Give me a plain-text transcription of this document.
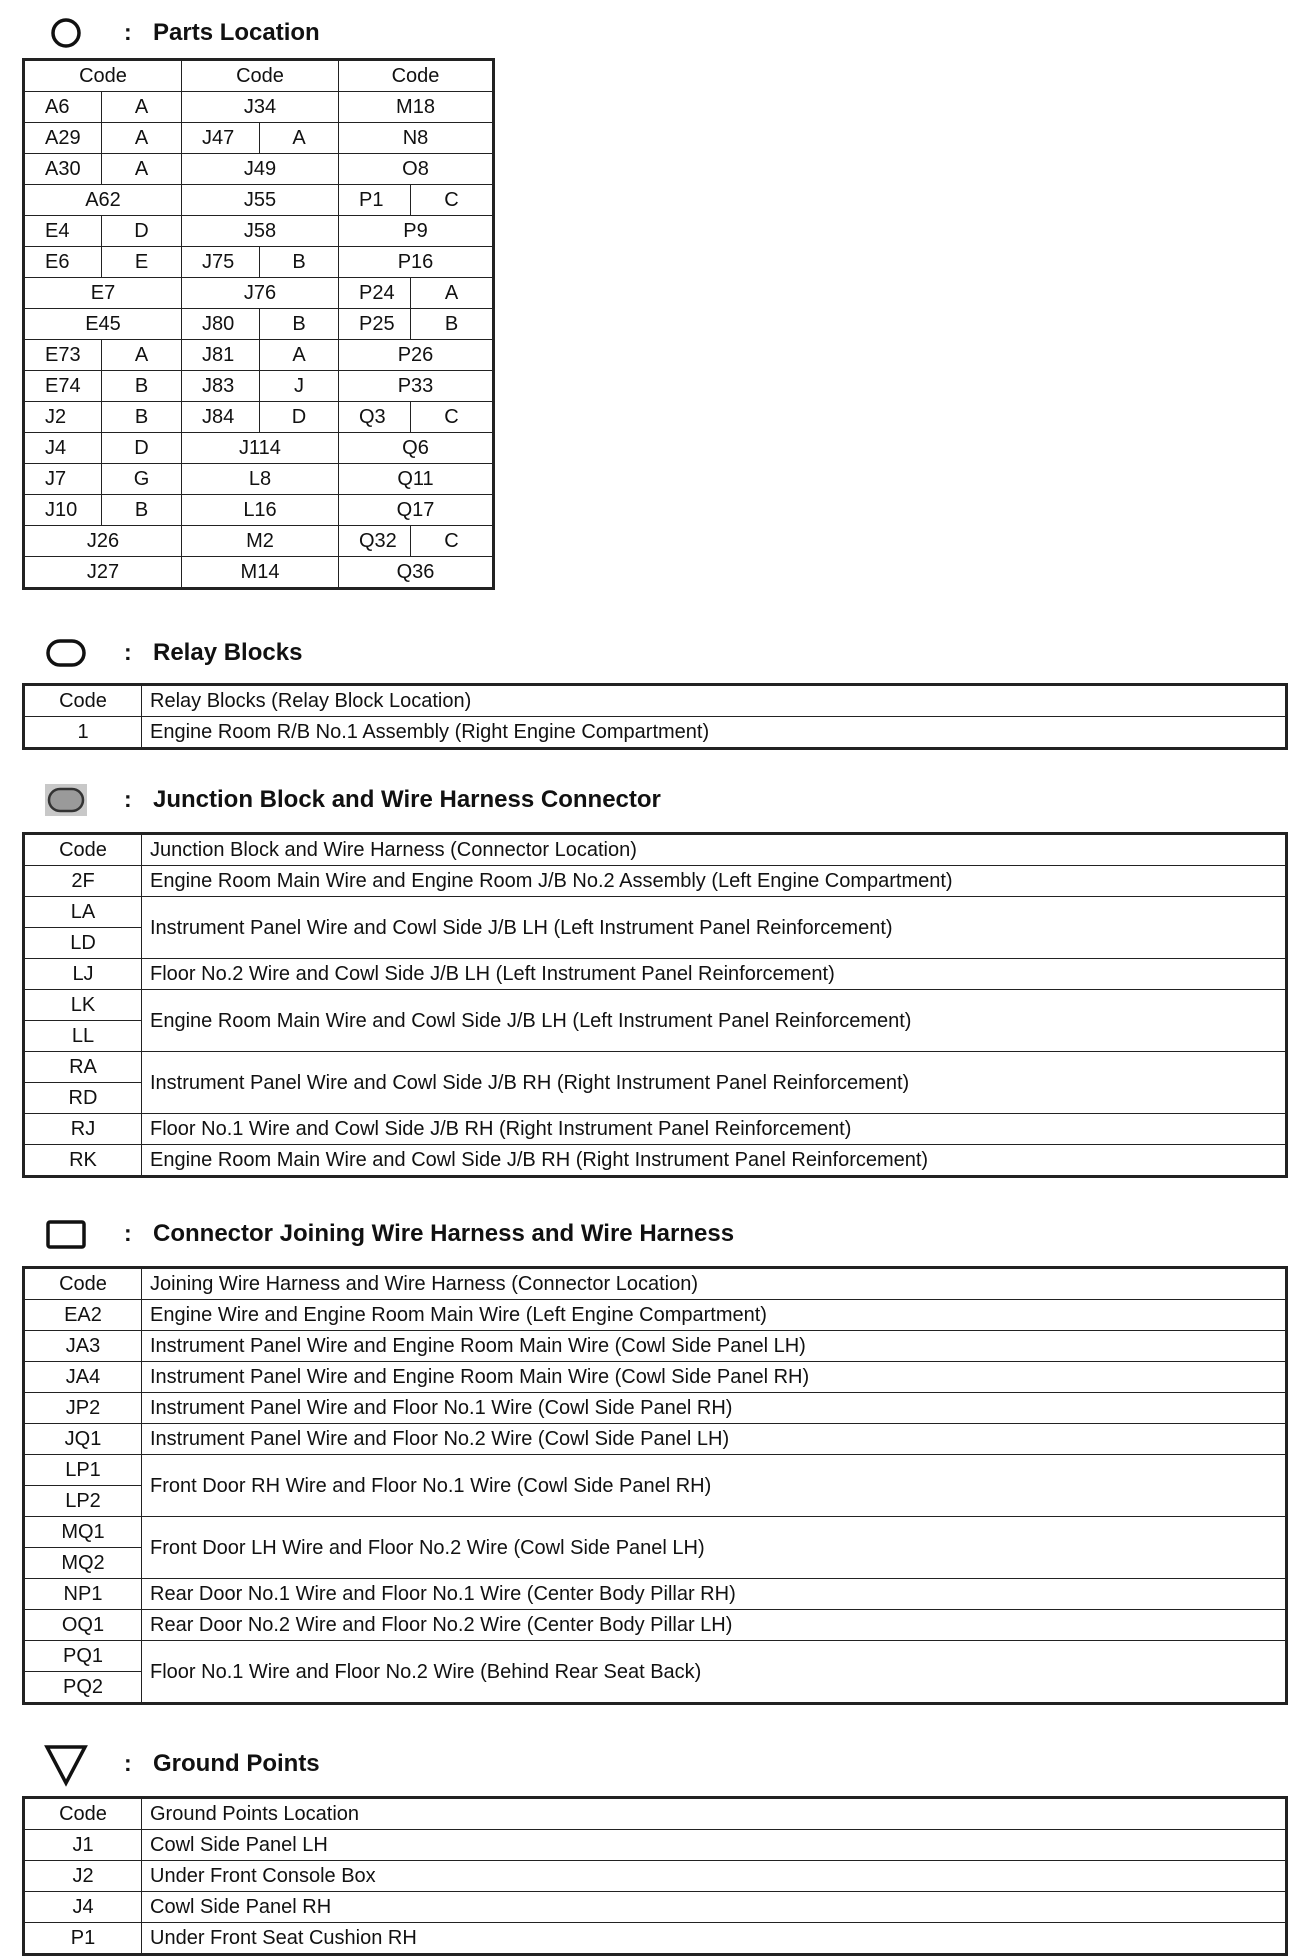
: Parts Location
Code		Code		Code	
A6	A	J34		M18	
A29	A	J47	A	N8	
A30	A	J49		O8	
A62		J55		P1	C
E4	D	J58		P9	
E6	E	J75	B	P16	
E7		J76		P24	A
E45		J80	B	P25	B
E73	A	J81	A	P26	
E74	B	J83	J	P33	
J2	B	J84	D	Q3	C
J4	D	J114		Q6	
J7	G	L8		Q11	
J10	B	L16		Q17	
J26		M2		Q32	C
J27		M14		Q36	
: Relay Blocks
Code	Relay Blocks (Relay Block Location)
1	Engine Room R/B No.1 Assembly (Right Engine Compartment)
: Junction Block and Wire Harness Connector
Code	Junction Block and Wire Harness (Connector Location)
2F	Engine Room Main Wire and Engine Room J/B No.2 Assembly (Left Engine Compartment)
LA	Instrument Panel Wire and Cowl Side J/B LH (Left Instrument Panel Reinforcement)
LD	
LJ	Floor No.2 Wire and Cowl Side J/B LH (Left Instrument Panel Reinforcement)
LK	Engine Room Main Wire and Cowl Side J/B LH (Left Instrument Panel Reinforcement)
LL	
RA	Instrument Panel Wire and Cowl Side J/B RH (Right Instrument Panel Reinforcement)
RD	
RJ	Floor No.1 Wire and Cowl Side J/B RH (Right Instrument Panel Reinforcement)
RK	Engine Room Main Wire and Cowl Side J/B RH (Right Instrument Panel Reinforcement)
: Connector Joining Wire Harness and Wire Harness
Code	Joining Wire Harness and Wire Harness (Connector Location)
EA2	Engine Wire and Engine Room Main Wire (Left Engine Compartment)
JA3	Instrument Panel Wire and Engine Room Main Wire (Cowl Side Panel LH)
JA4	Instrument Panel Wire and Engine Room Main Wire (Cowl Side Panel RH)
JP2	Instrument Panel Wire and Floor No.1 Wire (Cowl Side Panel RH)
JQ1	Instrument Panel Wire and Floor No.2 Wire (Cowl Side Panel LH)
LP1	Front Door RH Wire and Floor No.1 Wire (Cowl Side Panel RH)
LP2	
MQ1	Front Door LH Wire and Floor No.2 Wire (Cowl Side Panel LH)
MQ2	
NP1	Rear Door No.1 Wire and Floor No.1 Wire (Center Body Pillar RH)
OQ1	Rear Door No.2 Wire and Floor No.2 Wire (Center Body Pillar LH)
PQ1	Floor No.1 Wire and Floor No.2 Wire (Behind Rear Seat Back)
PQ2	
: Ground Points
Code	Ground Points Location
J1	Cowl Side Panel LH
J2	Under Front Console Box
J4	Cowl Side Panel RH
P1	Under Front Seat Cushion RH
